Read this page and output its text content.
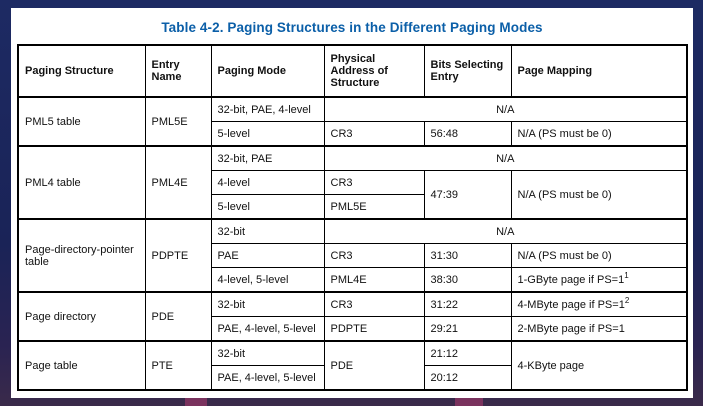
Table 4-2. Paging Structures in the Different Paging Modes
Paging Structure	Entry Name	Paging Mode	Physical Address of Structure	Bits Selecting Entry	Page Mapping
PML5 table	PML5E	32-bit, PAE, 4-level	N/A		
		5-level	CR3	56:48	N/A (PS must be 0)
PML4 table	PML4E	32-bit, PAE	N/A		
		4-level	CR3	47:39	N/A (PS must be 0)
		5-level	PML5E		
Page-directory-pointer table	PDPTE	32-bit	N/A		
		PAE	CR3	31:30	N/A (PS must be 0)
		4-level, 5-level	PML4E	38:30	1-GByte page if $PS=1^1$
Page directory	PDE	32-bit	CR3	31:22	4-MByte page if $PS=1^2$
		PAE, 4-level, 5-level	PDPTE	29:21	2-MByte page if PS=1
Page table	PTE	32-bit	PDE	21:12	4-KByte page
		PAE, 4-level, 5-level		20:12	
